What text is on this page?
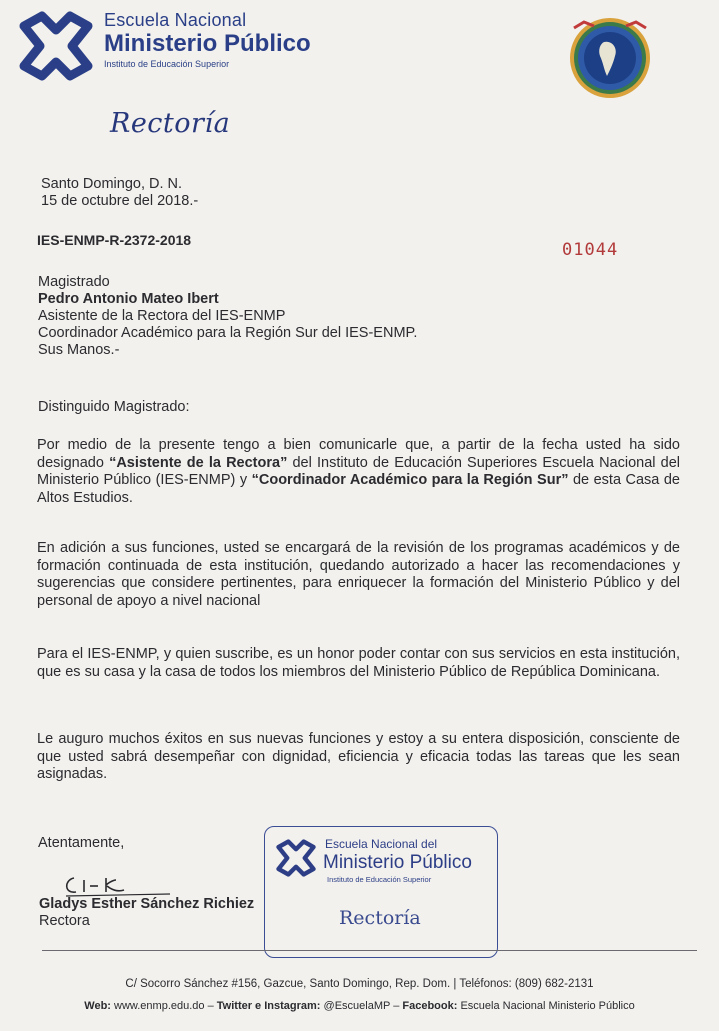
Escuela Nacional
Ministerio Público
Instituto de Educación Superior
Rectoría
Santo Domingo, D. N.
15 de octubre del 2018.-
IES-ENMP-R-2372-2018	01044
Magistrado
Pedro Antonio Mateo Ibert
Asistente de la Rectora del IES-ENMP
Coordinador Académico para la Región Sur del IES-ENMP.
Sus Manos.-
Distinguido Magistrado:
Por medio de la presente tengo a bien comunicarle que, a partir de la fecha usted ha sido designado “Asistente de la Rectora” del Instituto de Educación Superiores Escuela Nacional del Ministerio Público (IES-ENMP) y “Coordinador Académico para la Región Sur” de esta Casa de Altos Estudios.
En adición a sus funciones, usted se encargará de la revisión de los programas académicos y de formación continuada de esta institución, quedando autorizado a hacer las recomendaciones y sugerencias que considere pertinentes, para enriquecer la formación del Ministerio Público y del personal de apoyo a nivel nacional
Para el IES-ENMP, y quien suscribe, es un honor poder contar con sus servicios en esta institución, que es su casa y la casa de todos los miembros del Ministerio Público de República Dominicana.
Le auguro muchos éxitos en sus nuevas funciones y estoy a su entera disposición, consciente de que usted sabrá desempeñar con dignidad, eficiencia y eficacia todas las tareas que les sean asignadas.
Atentamente,
Gladys Esther Sánchez Richiez
Rectora
Escuela Nacional del
Ministerio Público
Instituto de Educación Superior
Rectoría
C/ Socorro Sánchez #156, Gazcue, Santo Domingo, Rep. Dom. | Teléfonos: (809) 682-2131
Web: www.enmp.edu.do – Twitter e Instagram: @EscuelaMP – Facebook: Escuela Nacional Ministerio Público
